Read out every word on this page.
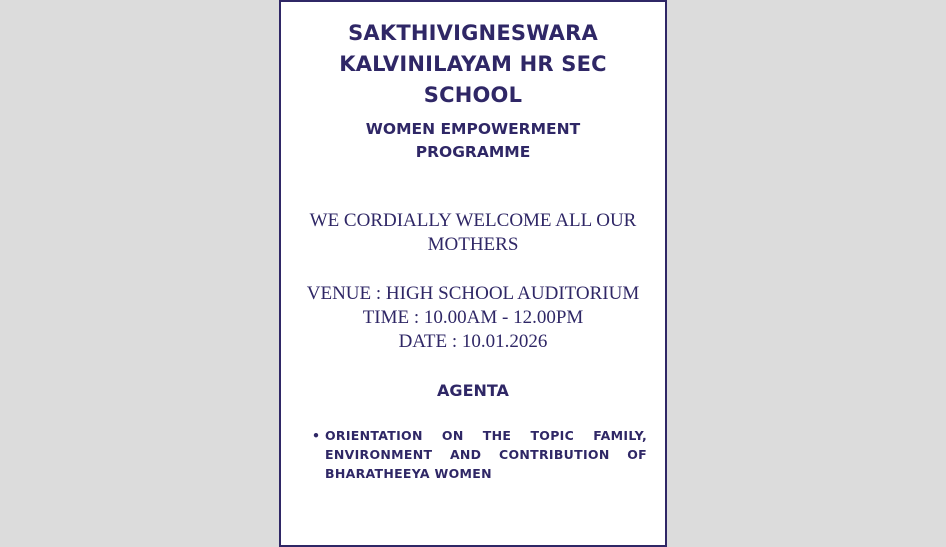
SAKTHIVIGNESWARA KALVINILAYAM HR SEC SCHOOL
WOMEN EMPOWERMENT PROGRAMME
WE CORDIALLY WELCOME ALL OUR MOTHERS
VENUE : HIGH SCHOOL AUDITORIUM
TIME : 10.00AM - 12.00PM
DATE : 10.01.2026
AGENTA
• ORIENTATION ON THE TOPIC FAMILY, ENVIRONMENT AND CONTRIBUTION OF BHARATHEEYA WOMEN
